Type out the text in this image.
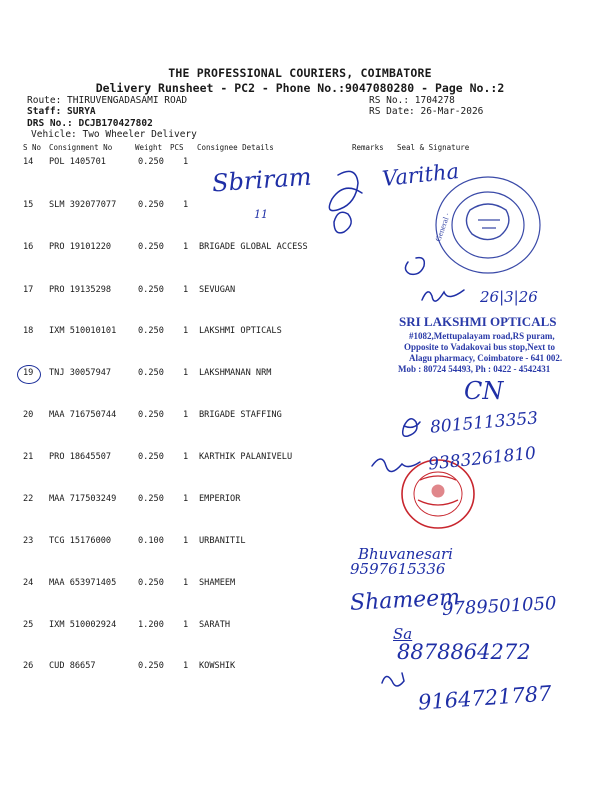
THE PROFESSIONAL COURIERS, COIMBATORE
Delivery Runsheet - PC2 - Phone No.:9047080280 - Page No.:2
Route: THIRUVENGADASAMI ROAD
Staff: SURYA
DRS No.: DCJB170427802
Vehicle: Two Wheeler Delivery
RS No.: 1704278
RS Date: 26-Mar-2026
S No Consignment No	Weight PCS Consignee Details	Remarks Seal & Signature
14 POL 1405701	0.250 1
15 SLM 392077077	0.250 1
16 PRO 19101220	0.250 1 BRIGADE GLOBAL ACCESS
17 PRO 19135298	0.250 1 SEVUGAN
18 IXM 510010101	0.250 1 LAKSHMI OPTICALS
19 TNJ 30057947	0.250 1 LAKSHMANAN NRM
20 MAA 716750744	0.250 1 BRIGADE STAFFING
21 PRO 18645507	0.250 1 KARTHIK PALANIVELU
22 MAA 717503249	0.250 1 EMPERIOR
23 TCG 15176000	0.100 1 URBANITIL
24 MAA 653971405	0.250 1 SHAMEEM
25 IXM 510002924	1.200 1 SARATH
26 CUD 86657	0.250 1 KOWSHIK
General ·
Sbriram	Varitha
11
26|3|26
CN
8015113353
9383261810
Bhuvanesari
9597615336
Shameem
9789501050
Sa
8878864272
9164721787
SRI LAKSHMI OPTICALS
#1082,Mettupalayam road,RS puram,
Opposite to Vadakovai bus stop,Next to
Alagu pharmacy, Coimbatore - 641 002.
Mob : 80724 54493, Ph : 0422 - 4542431
